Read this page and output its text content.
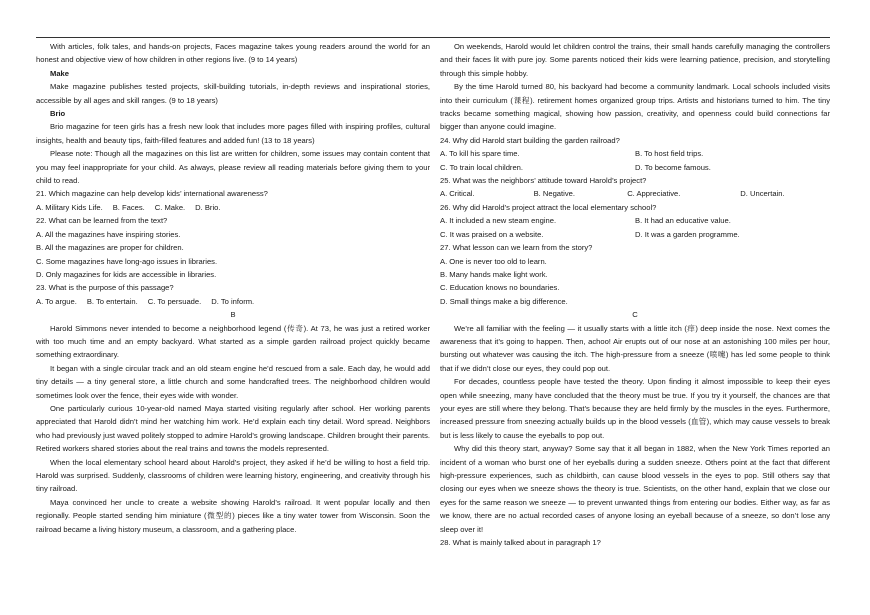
With articles, folk tales, and hands-on projects, Faces magazine takes young readers around the world for an honest and objective view of how children in other regions live. (9 to 14 years)

Make

Make magazine publishes tested projects, skill-building tutorials, in-depth reviews and inspirational stories, accessible by all ages and skill ranges. (9 to 18 years)

Brio

Brio magazine for teen girls has a fresh new look that includes more pages filled with inspiring profiles, cultural insights, health and beauty tips, faith-filled features and added fun! (13 to 18 years)

Please note: Though all the magazines on this list are written for children, some issues may contain content that you may feel inappropriate for your child. As always, please review all reading materials before giving them to your child to read.

21. Which magazine can help develop kids’ international awareness?
A. Military Kids Life. B. Faces. C. Make. D. Brio.
22. What can be learned from the text?
A. All the magazines have inspiring stories.
B. All the magazines are proper for children.
C. Some magazines have long-ago issues in libraries.
D. Only magazines for kids are accessible in libraries.
23. What is the purpose of this passage?
A. To argue. B. To entertain. C. To persuade. D. To inform.
B

Harold Simmons never intended to become a neighborhood legend (传奇). At 73, he was just a retired worker with too much time and an empty backyard. What started as a simple garden railroad project quickly became something extraordinary.

It began with a single circular track and an old steam engine he’d rescued from a sale. Each day, he would add tiny details — a tiny general store, a little church and some handcrafted trees. The neighborhood children would sometimes look over the fence, their eyes wide with wonder.

One particularly curious 10-year-old named Maya started visiting regularly after school. Her working parents appreciated that Harold didn’t mind her watching him work. He’d explain each tiny detail. Word spread. Neighbors who had previously just waved politely stopped to admire Harold’s growing landscape. Children brought their parents. Retired workers shared stories about the real trains and towns the models represented.

When the local elementary school heard about Harold’s project, they asked if he’d be willing to host a field trip. Harold was surprised. Suddenly, classrooms of children were learning history, engineering, and creativity through his tiny railroad.

Maya convinced her uncle to create a website showing Harold’s railroad. It went popular locally and then regionally. People started sending him miniature (微型的) pieces like a tiny water tower from Wisconsin. Soon the railroad became a living history museum, a classroom, and a gathering place.

On weekends, Harold would let children control the trains, their small hands carefully managing the controllers and their faces lit with pure joy. Some parents noticed their kids were learning patience, precision, and storytelling through this simple hobby.

By the time Harold turned 80, his backyard had become a community landmark. Local schools included visits into their curriculum (课程). retirement homes organized group trips. Artists and historians turned to him. The tiny tracks became something magical, showing how passion, creativity, and openness could build connections far bigger than anyone could imagine.

24. Why did Harold start building the garden railroad?
A. To kill his spare time.	B. To host field trips.
C. To train local children.	D. To become famous.
25. What was the neighbors’ attitude toward Harold’s project?
A. Critical.	B. Negative.	C. Appreciative.	D. Uncertain.
26. Why did Harold’s project attract the local elementary school?
A. It included a new steam engine.	B. It had an educative value.
C. It was praised on a website.	D. It was a garden programme.
27. What lesson can we learn from the story?
A. One is never too old to learn.
B. Many hands make light work.
C. Education knows no boundaries.
D. Small things make a big difference.
C

We’re all familiar with the feeling — it usually starts with a little itch (痒) deep inside the nose. Next comes the awareness that it’s going to happen. Then, achoo! Air erupts out of our nose at an astonishing 100 miles per hour, bursting out whatever was causing the itch. The high-pressure from a sneeze (喷嚏) has led some people to think that if we didn’t close our eyes, they could pop out.

For decades, countless people have tested the theory. Upon finding it almost impossible to keep their eyes open while sneezing, many have concluded that the theory must be true. If you try it yourself, the chances are that your eyes are still where they belong. That’s because they are held firmly by the muscles in the eyes. Furthermore, increased pressure from sneezing actually builds up in the blood vessels (血管), which may cause vessels to break but is less likely to cause the eyeballs to pop out.

Why did this theory start, anyway? Some say that it all began in 1882, when the New York Times reported an incident of a woman who burst one of her eyeballs during a sudden sneeze. Others point at the fact that different high-pressure experiences, such as childbirth, can cause blood vessels in the eyes to pop. Still others say that closing our eyes when we sneeze shows the theory is true. Scientists, on the other hand, explain that we close our eyes for the same reason we sneeze — to prevent unwanted things from entering our bodies. Either way, as far as we know, there are no actual recorded cases of anyone losing an eyeball because of a sneeze, so don’t lose any sleep over it!

28. What is mainly talked about in paragraph 1?
